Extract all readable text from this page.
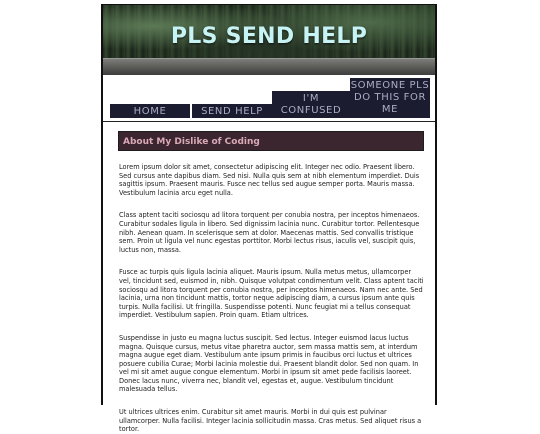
PLS SEND HELP
HOME	SEND HELP
I'M
CONFUSED
SOMEONE PLS
DO THIS FOR
ME
About My Dislike of Coding

Lorem ipsum dolor sit amet, consectetur adipiscing elit. Integer nec odio. Praesent libero. Sed cursus ante dapibus diam. Sed nisi. Nulla quis sem at nibh elementum imperdiet. Duis sagittis ipsum. Praesent mauris. Fusce nec tellus sed augue semper porta. Mauris massa. Vestibulum lacinia arcu eget nulla.

Class aptent taciti sociosqu ad litora torquent per conubia nostra, per inceptos himenaeos. Curabitur sodales ligula in libero. Sed dignissim lacinia nunc. Curabitur tortor. Pellentesque nibh. Aenean quam. In scelerisque sem at dolor. Maecenas mattis. Sed convallis tristique sem. Proin ut ligula vel nunc egestas porttitor. Morbi lectus risus, iaculis vel, suscipit quis, luctus non, massa.

Fusce ac turpis quis ligula lacinia aliquet. Mauris ipsum. Nulla metus metus, ullamcorper vel, tincidunt sed, euismod in, nibh. Quisque volutpat condimentum velit. Class aptent taciti sociosqu ad litora torquent per conubia nostra, per inceptos himenaeos. Nam nec ante. Sed lacinia, urna non tincidunt mattis, tortor neque adipiscing diam, a cursus ipsum ante quis turpis. Nulla facilisi. Ut fringilla. Suspendisse potenti. Nunc feugiat mi a tellus consequat imperdiet. Vestibulum sapien. Proin quam. Etiam ultrices.

Suspendisse in justo eu magna luctus suscipit. Sed lectus. Integer euismod lacus luctus magna. Quisque cursus, metus vitae pharetra auctor, sem massa mattis sem, at interdum magna augue eget diam. Vestibulum ante ipsum primis in faucibus orci luctus et ultrices posuere cubilia Curae; Morbi lacinia molestie dui. Praesent blandit dolor. Sed non quam. In vel mi sit amet augue congue elementum. Morbi in ipsum sit amet pede facilisis laoreet. Donec lacus nunc, viverra nec, blandit vel, egestas et, augue. Vestibulum tincidunt malesuada tellus.

Ut ultrices ultrices enim. Curabitur sit amet mauris. Morbi in dui quis est pulvinar ullamcorper. Nulla facilisi. Integer lacinia sollicitudin massa. Cras metus. Sed aliquet risus a tortor.
